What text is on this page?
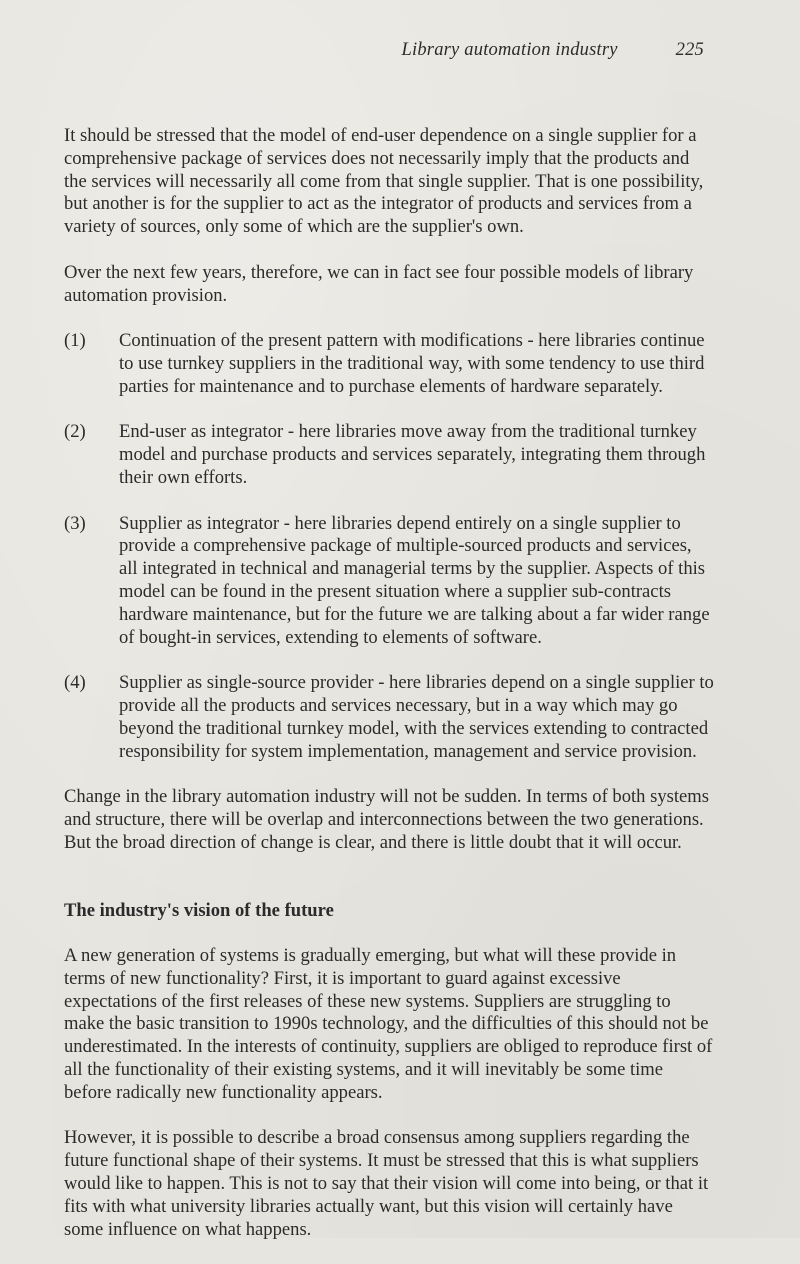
Library automation industry	225

It should be stressed that the model of end-user dependence on a single supplier for a comprehensive package of services does not necessarily imply that the products and the services will necessarily all come from that single supplier. That is one possibility, but another is for the supplier to act as the integrator of products and services from a variety of sources, only some of which are the supplier's own.

Over the next few years, therefore, we can in fact see four possible models of library automation provision.

(1)	Continuation of the present pattern with modifications - here libraries continue to use turnkey suppliers in the traditional way, with some tendency to use third parties for maintenance and to purchase elements of hardware separately.
(2)	End-user as integrator - here libraries move away from the traditional turnkey model and purchase products and services separately, integrating them through their own efforts.
(3)	Supplier as integrator - here libraries depend entirely on a single supplier to provide a comprehensive package of multiple-sourced products and services, all integrated in technical and managerial terms by the supplier. Aspects of this model can be found in the present situation where a supplier sub-contracts hardware maintenance, but for the future we are talking about a far wider range of bought-in services, extending to elements of software.
(4)	Supplier as single-source provider - here libraries depend on a single supplier to provide all the products and services necessary, but in a way which may go beyond the traditional turnkey model, with the services extending to contracted responsibility for system implementation, management and service provision.

Change in the library automation industry will not be sudden. In terms of both systems and structure, there will be overlap and interconnections between the two generations. But the broad direction of change is clear, and there is little doubt that it will occur.

The industry's vision of the future

A new generation of systems is gradually emerging, but what will these provide in terms of new functionality? First, it is important to guard against excessive expectations of the first releases of these new systems. Suppliers are struggling to make the basic transition to 1990s technology, and the difficulties of this should not be underestimated. In the interests of continuity, suppliers are obliged to reproduce first of all the functionality of their existing systems, and it will inevitably be some time before radically new functionality appears.

However, it is possible to describe a broad consensus among suppliers regarding the future functional shape of their systems. It must be stressed that this is what suppliers would like to happen. This is not to say that their vision will come into being, or that it fits with what university libraries actually want, but this vision will certainly have some influence on what happens.
